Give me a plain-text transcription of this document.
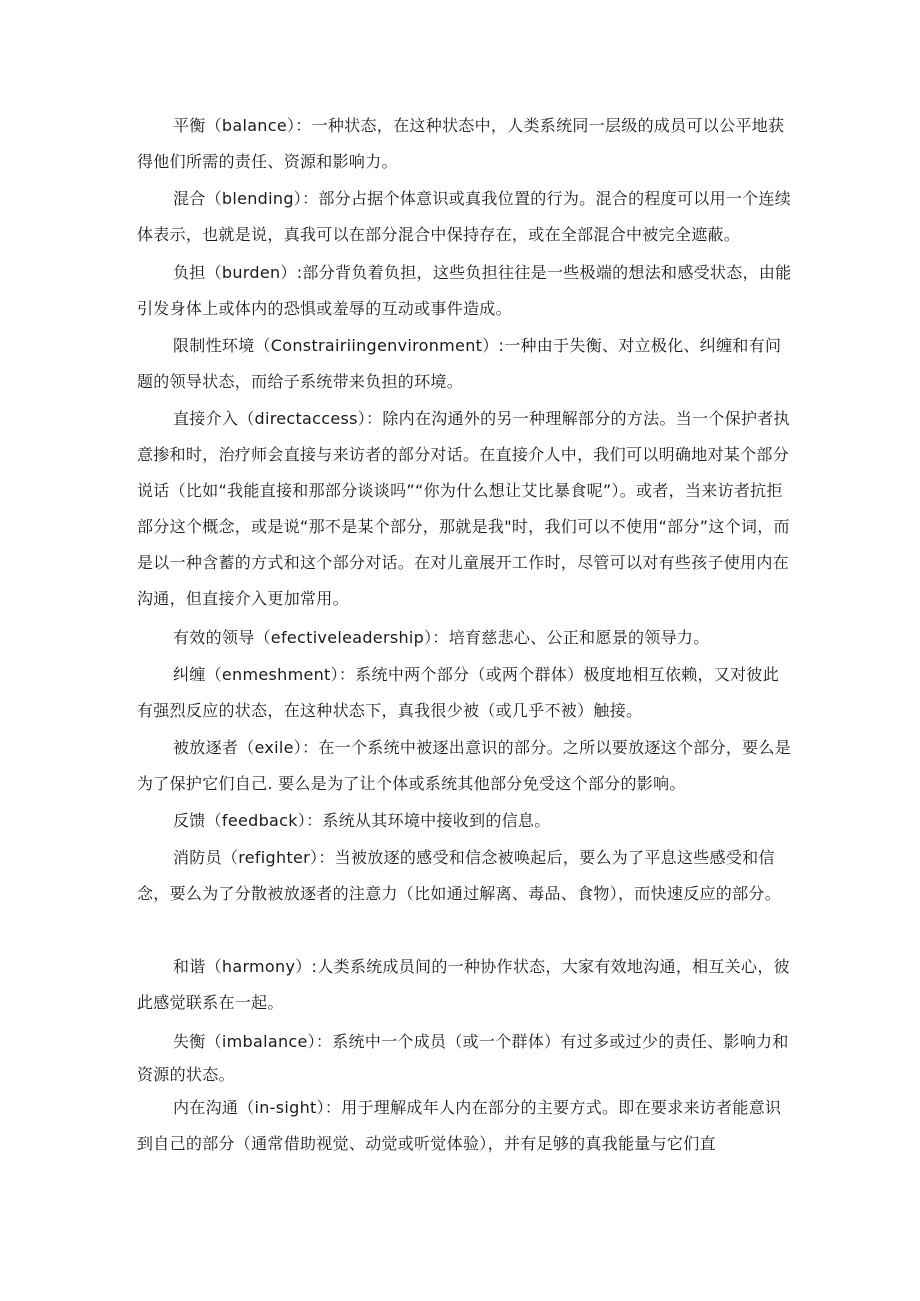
平衡（balance）：一种状态，在这种状态中，人类系统同一层级的成员可以公平地获得他们所需的责任、资源和影响力。

混合（blending）：部分占据个体意识或真我位置的行为。混合的程度可以用一个连续体表示，也就是说，真我可以在部分混合中保持存在，或在全部混合中被完全遮蔽。

负担（burden）:部分背负着负担，这些负担往往是一些极端的想法和感受状态，由能引发身体上或体内的恐惧或羞辱的互动或事件造成。

限制性环境（Constrairiingenvironment）:一种由于失衡、对立极化、纠缠和有问题的领导状态，而给子系统带来负担的环境。

直接介入（directaccess）：除内在沟通外的另一种理解部分的方法。当一个保护者执意掺和时，治疗师会直接与来访者的部分对话。在直接介人中，我们可以明确地对某个部分说话（比如“我能直接和那部分谈谈吗”“你为什么想让艾比暴食呢”）。或者，当来访者抗拒部分这个概念，或是说“那不是某个部分，那就是我"时，我们可以不使用“部分”这个词，而是以一种含蓄的方式和这个部分对话。在对儿童展开工作时，尽管可以对有些孩子使用内在沟通，但直接介入更加常用。

有效的领导（efectiveleadership）：培育慈悲心、公正和愿景的领导力。

纠缠（enmeshment）：系统中两个部分（或两个群体）极度地相互依赖，又对彼此有强烈反应的状态，在这种状态下，真我很少被（或几乎不被）触接。

被放逐者（exile）：在一个系统中被逐出意识的部分。之所以要放逐这个部分，要么是为了保护它们自己. 要么是为了让个体或系统其他部分免受这个部分的影响。

反馈（feedback）：系统从其环境中接收到的信息。

消防员（refighter）：当被放逐的感受和信念被唤起后，要么为了平息这些感受和信念，要么为了分散被放逐者的注意力（比如通过解离、毒品、食物），而快速反应的部分。

和谐（harmony）:人类系统成员间的一种协作状态，大家有效地沟通，相互关心，彼此感觉联系在一起。

失衡（imbalance）：系统中一个成员（或一个群体）有过多或过少的责任、影响力和资源的状态。

内在沟通（in-sight）：用于理解成年人内在部分的主要方式。即在要求来访者能意识到自己的部分（通常借助视觉、动觉或听觉体验），并有足够的真我能量与它们直
